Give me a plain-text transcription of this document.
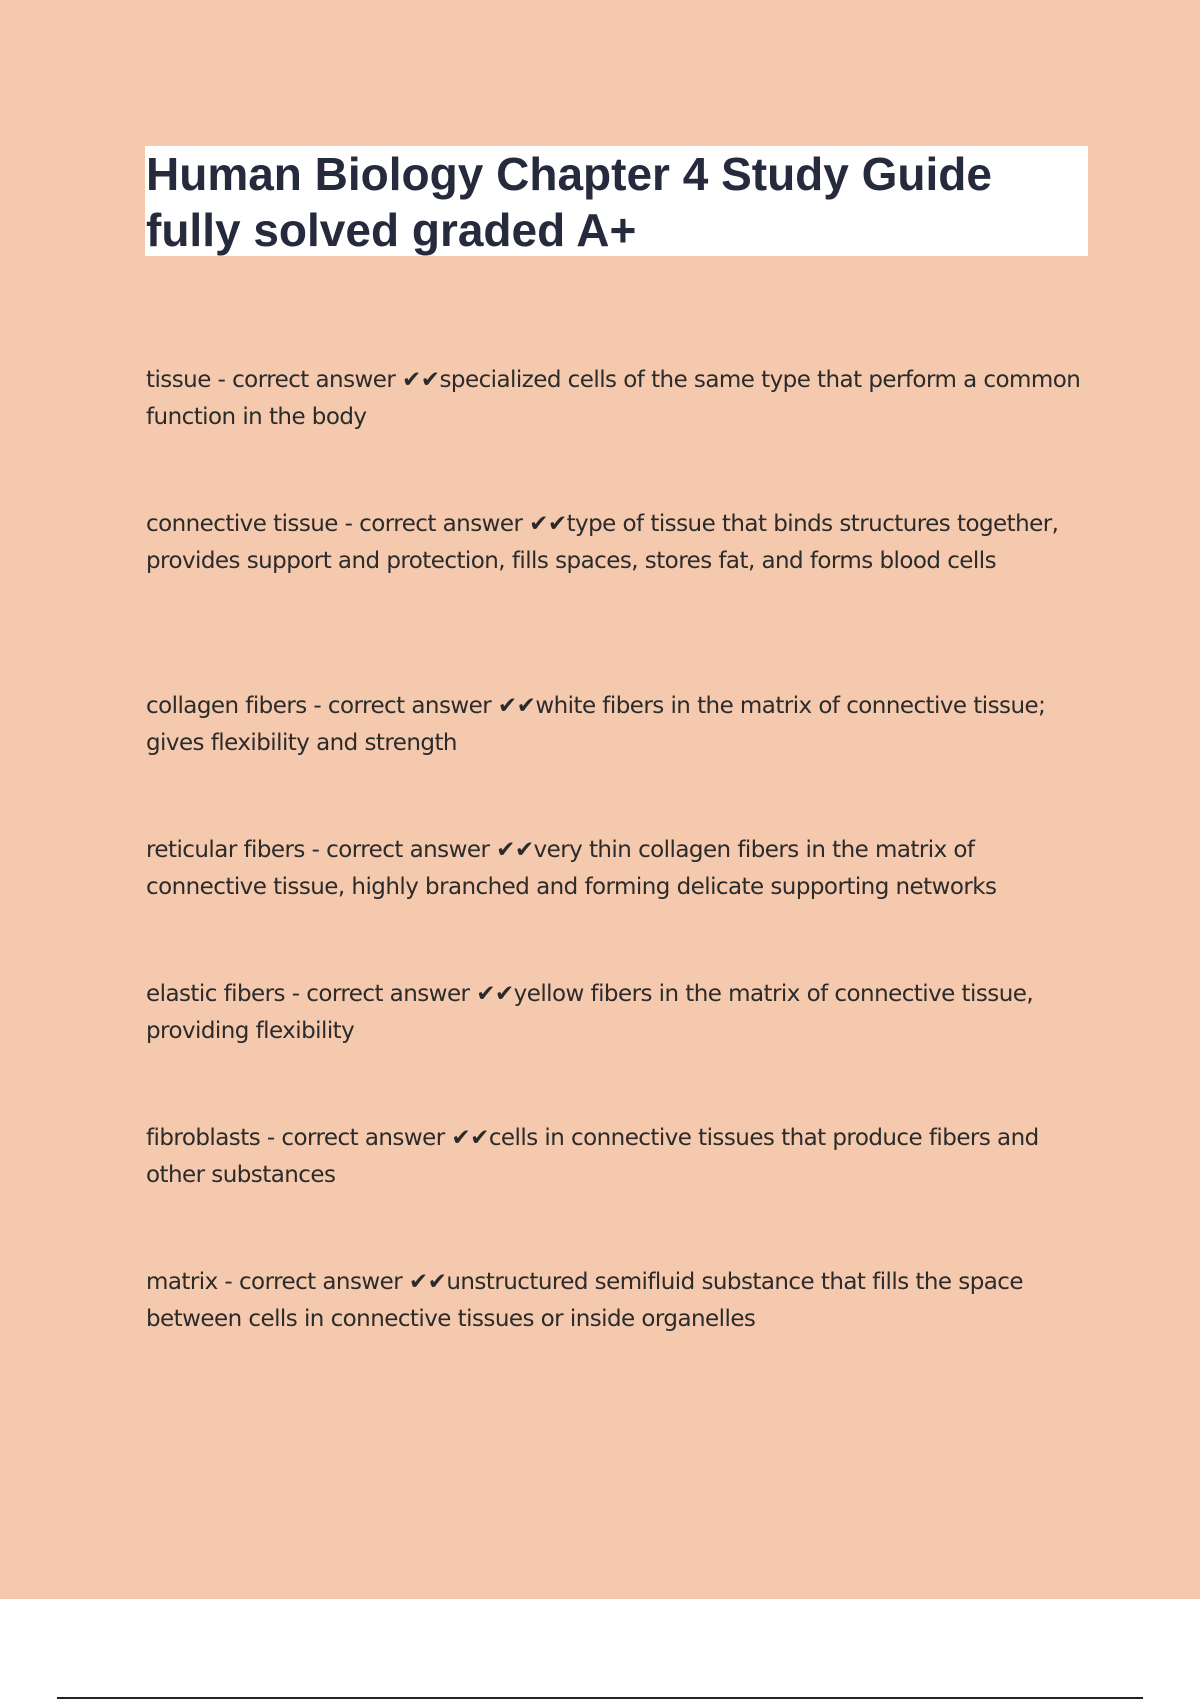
Human Biology Chapter 4 Study Guide fully solved graded A+

tissue - correct answer ✔✔specialized cells of the same type that perform a common function in the body

connective tissue - correct answer ✔✔type of tissue that binds structures together, provides support and protection, fills spaces, stores fat, and forms blood cells

collagen fibers - correct answer ✔✔white fibers in the matrix of connective tissue; gives flexibility and strength

reticular fibers - correct answer ✔✔very thin collagen fibers in the matrix of connective tissue, highly branched and forming delicate supporting networks

elastic fibers - correct answer ✔✔yellow fibers in the matrix of connective tissue, providing flexibility

fibroblasts - correct answer ✔✔cells in connective tissues that produce fibers and other substances

matrix - correct answer ✔✔unstructured semifluid substance that fills the space between cells in connective tissues or inside organelles
